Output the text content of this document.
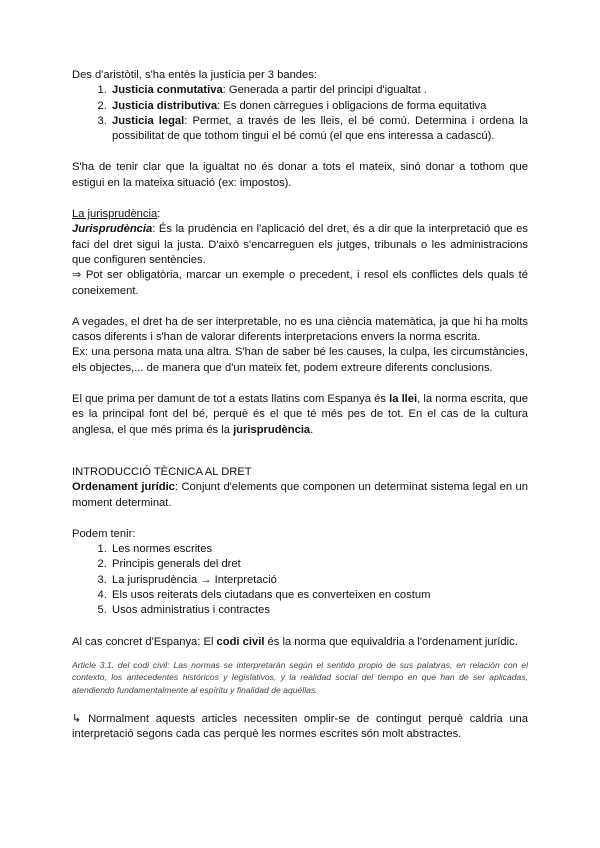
Des d'aristòtil, s'ha entès la justícia per 3 bandes:

1. Justicia conmutativa: Generada a partir del principi d'igualtat .
2. Justicia distributiva: Es donen càrregues i obligacions de forma equitativa
3. Justicia legal: Permet, a través de les lleis, el bé comú. Determina i ordena la possibilitat de que tothom tingui el bé comú (el que ens interessa a cadascú).

S'ha de tenir clar que la igualtat no és donar a tots el mateix, sinó donar a tothom que estigui en la mateixa situació (ex: impostos).

La jurisprudència:

Jurisprudència: És la prudència en l'aplicació del dret, és a dir que la interpretació que es faci del dret sigui la justa. D'això s'encarreguen els jutges, tribunals o les administracions que configuren sentències.

⇒ Pot ser obligatòria, marcar un exemple o precedent, i resol els conflictes dels quals té coneixement.

A vegades, el dret ha de ser interpretable, no es una ciència matemàtica, ja que hi ha molts casos diferents i s'han de valorar diferents interpretacions envers la norma escrita.

Ex: una persona mata una altra. S'han de saber bé les causes, la culpa, les circumstàncies, els objectes,... de manera que d'un mateix fet, podem extreure diferents conclusions.

El que prima per damunt de tot a estats llatins com Espanya és la llei, la norma escrita, que es la principal font del bé, perquè és el que té més pes de tot. En el cas de la cultura anglesa, el que més prima és la jurisprudència.

INTRODUCCIÓ TÈCNICA AL DRET

Ordenament jurídic: Conjunt d'elements que componen un determinat sistema legal en un moment determinat.

Podem tenir:

1. Les normes escrites
2. Principis generals del dret
3. La jurisprudència → Interpretació
4. Els usos reiterats dels ciutadans que es converteixen en costum
5. Usos administratius i contractes

Al cas concret d'Espanya: El codi civil és la norma que equivaldria a l'ordenament jurídic.

Article 3.1. del codi civil: Las normas se interpretarán según el sentido propio de sus palabras, en relación con el contexto, los antecedentes históricos y legislativos, y la realidad social del tiempo en que han de ser aplicadas, atendiendo fundamentalmente al espíritu y finalidad de aquéllas.

↳ Normalment aquests articles necessiten omplir-se de contingut perquè caldria una interpretació segons cada cas perquè les normes escrites són molt abstractes.
